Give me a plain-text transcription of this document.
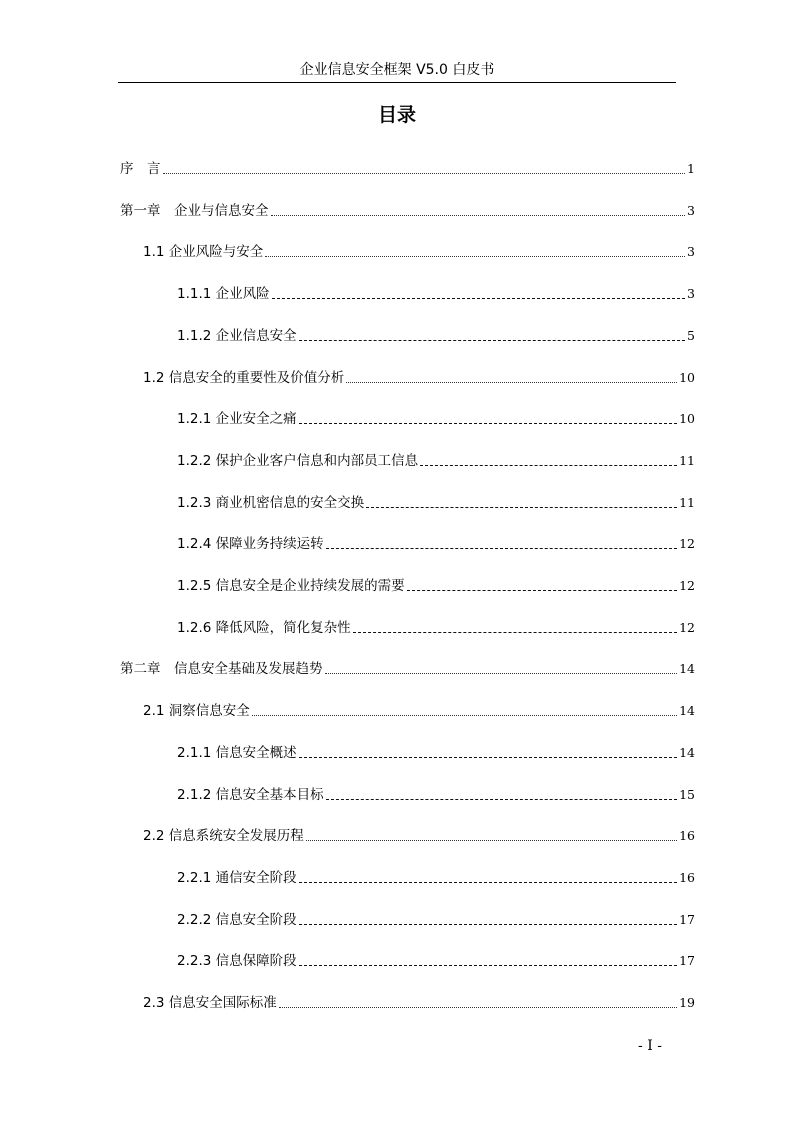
企业信息安全框架 V5.0 白皮书
目录
序　言	1
第一章　企业与信息安全	3
1.1 企业风险与安全	3
1.1.1 企业风险	3
1.1.2 企业信息安全	5
1.2 信息安全的重要性及价值分析	10
1.2.1 企业安全之痛	10
1.2.2 保护企业客户信息和内部员工信息	11
1.2.3 商业机密信息的安全交换	11
1.2.4 保障业务持续运转	12
1.2.5 信息安全是企业持续发展的需要	12
1.2.6 降低风险，简化复杂性	12
第二章　信息安全基础及发展趋势	14
2.1 洞察信息安全	14
2.1.1 信息安全概述	14
2.1.2 信息安全基本目标	15
2.2 信息系统安全发展历程	16
2.2.1 通信安全阶段	16
2.2.2 信息安全阶段	17
2.2.3 信息保障阶段	17
2.3 信息安全国际标准	19
- I -
